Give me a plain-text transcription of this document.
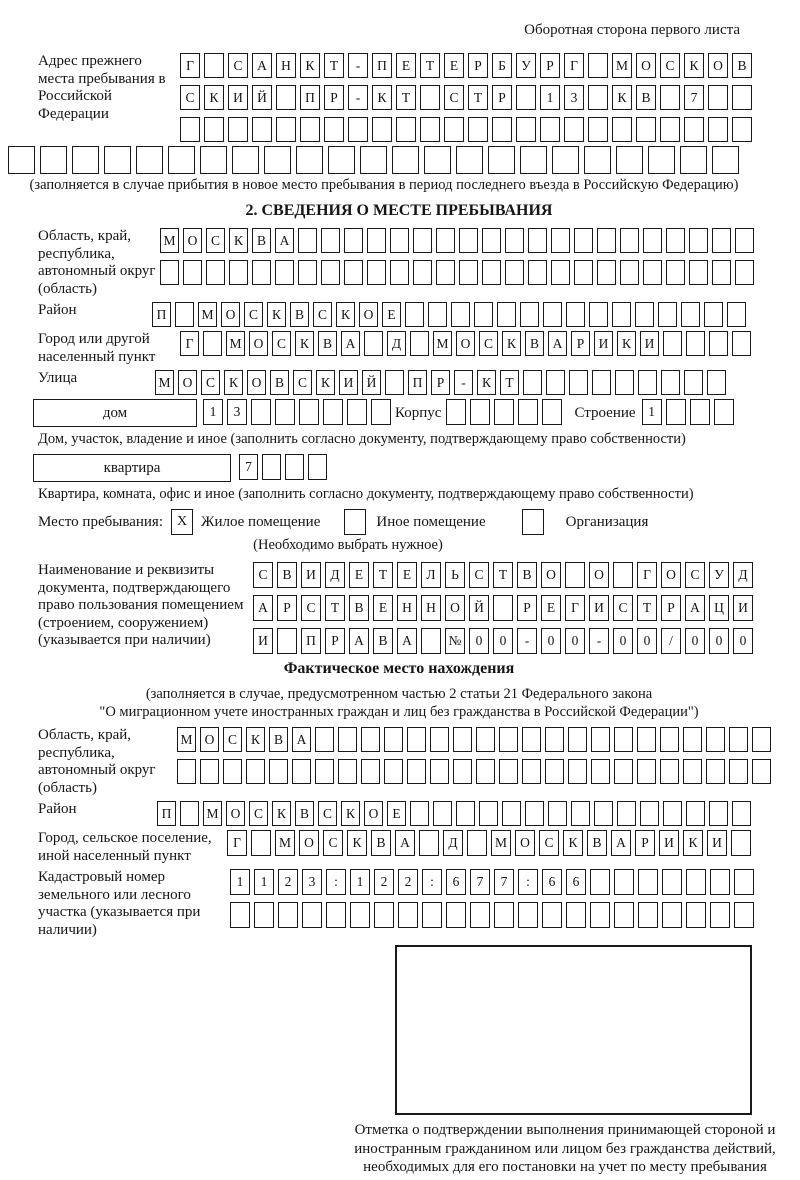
Оборотная сторона первого листа
Адрес прежнего места пребывания в Российской Федерации
Г	С	А	Н	К	Т	-	П	Е	Т	Е	Р	Б	У	Р	Г	М О	С	К	О	В
С	К	И	Й	П	Р	-	К	Т	С	Т	Р	1	3	К	В	7
(заполняется в случае прибытия в новое место пребывания в период последнего въезда в Российскую Федерацию)
2. СВЕДЕНИЯ О МЕСТЕ ПРЕБЫВАНИЯ
Область, край, республика, автономный округ (область)
М О	С	К	В	А
Район	П	М О	С	К	В	С	К	О	Е
Город или другой населенный пункт
Г	М О	С	К	В	А	Д	М О	С	К	В	А	Р	И	К	И
Улица	М О	С	К	О	В	С	К	И Й	П	Р	-	К	Т
дом	1	3	Корпус	Строение 1
Дом, участок, владение и иное (заполнить согласно документу, подтверждающему право собственности)
квартира	7
Квартира, комната, офис и иное (заполнить согласно документу, подтверждающему право собственности)
Место пребывания: X Жилое помещение	Иное помещение	Организация
(Необходимо выбрать нужное)
Наименование и реквизиты документа, подтверждающего право пользования помещением (строением, сооружением) (указывается при наличии)
С	В	И	Д	Е	Т	Е	Л	Ь	С	Т	В	О	О	Г	О	С	У	Д
А	Р	С	Т	В	Е	Н	Н	О	Й	Р	Е	Г	И	С	Т	Р	А	Ц	И
И	П	Р	А	В	А	№	0	0	-	0	0	-	0	0	/	0	0	0
Фактическое место нахождения
(заполняется в случае, предусмотренном частью 2 статьи 21 Федерального закона
"О миграционном учете иностранных граждан и лиц без гражданства в Российской Федерации")
Область, край, республика, автономный округ (область)
М О	С	К	В	А
Район	П	М О	С	К	В	С	К	О	Е
Город, сельское поселение, иной населенный пункт
Г	М О	С	К	В	А	Д	М О	С	К	В	А	Р	И	К	И
Кадастровый номер земельного или лесного участка (указывается при наличии)
1	1	2	3	:	1	2	2	:	6	7	7	:	6	6
Отметка о подтверждении выполнения принимающей стороной и иностранным гражданином или лицом без гражданства действий, необходимых для его постановки на учет по месту пребывания
